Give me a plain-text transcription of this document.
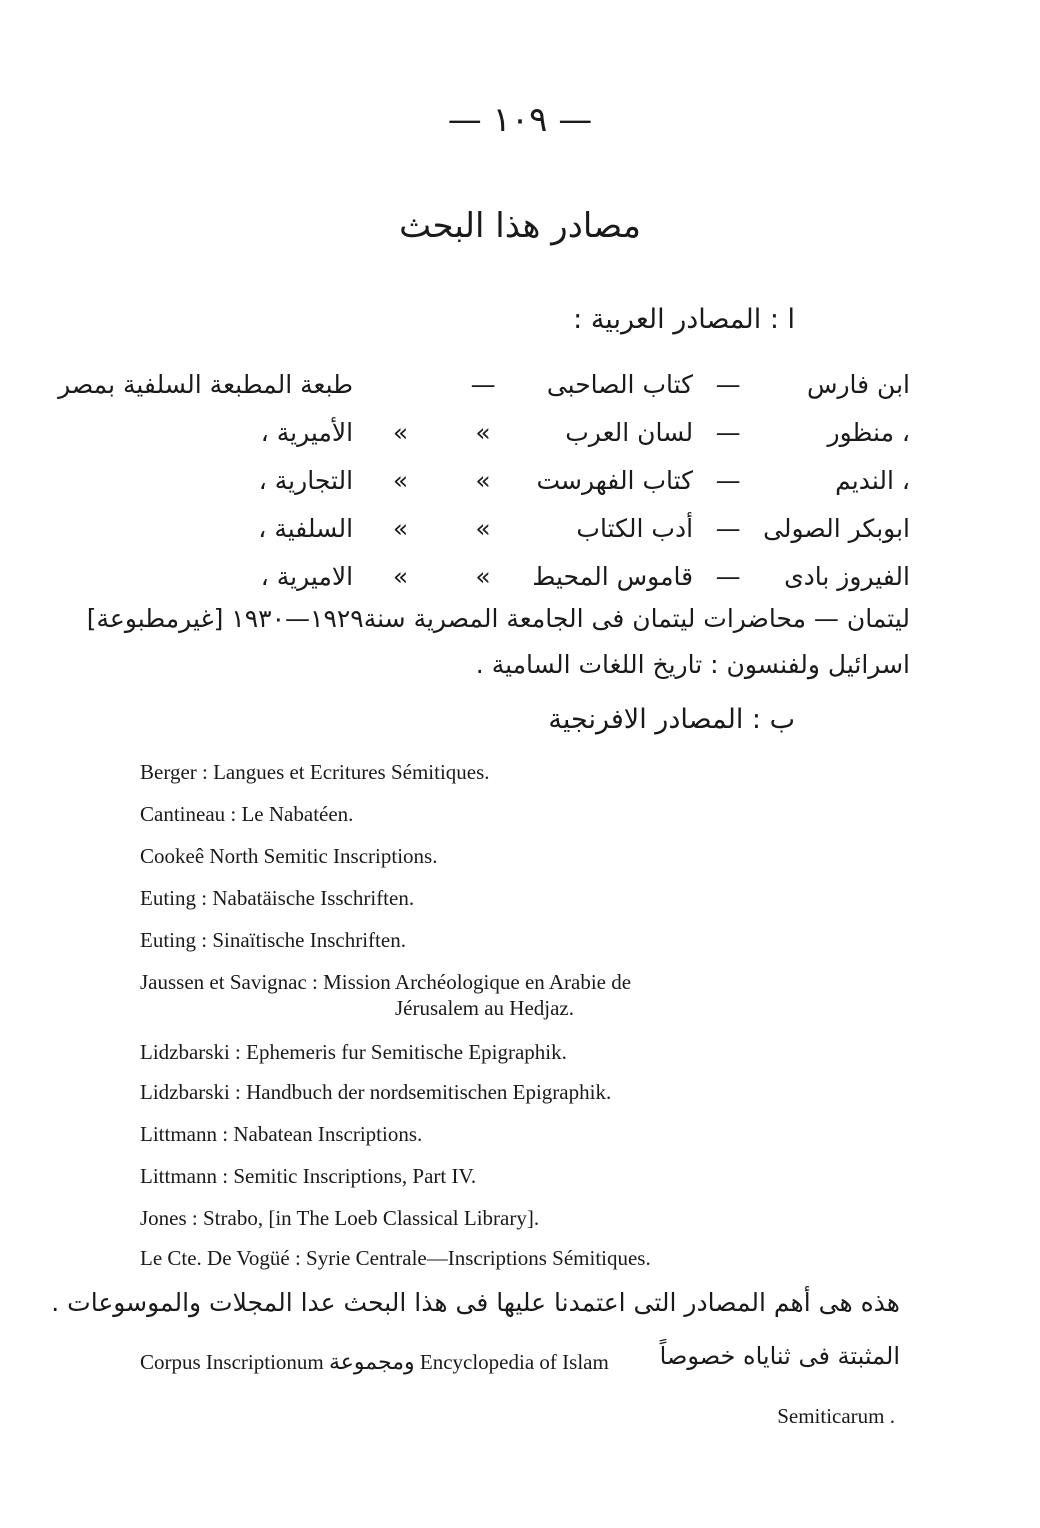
— ١٠٩ —
مصادر هذا البحث
ا : المصادر العربية :
ابن فارس	—	كتاب الصاحبى	—		طبعة المطبعة السلفية بمصر
، منظور	—	لسان العرب	»	»	الأميرية ،
، النديم	—	كتاب الفهرست	»	»	التجارية ،
ابوبكر الصولى	—	أدب الكتاب	»	»	السلفية ،
الفيروز بادى	—	قاموس المحيط	»	»	الاميرية ،
ليتمان — محاضرات ليتمان فى الجامعة المصرية سنة١٩٢٩—١٩٣٠ [غيرمطبوعة]
اسرائيل ولفنسون : تاريخ اللغات السامية .
ب : المصادر الافرنجية
Berger : Langues et Ecritures Sémitiques.
Cantineau : Le Nabatéen.
Cookeê North Semitic Inscriptions.
Euting : Nabatäische Isschriften.
Euting : Sinaïtische Inschriften.
Jaussen et Savignac : Mission Archéologique en Arabie de
Jérusalem au Hedjaz.
Lidzbarski : Ephemeris fur Semitische Epigraphik.
Lidzbarski : Handbuch der nordsemitischen Epigraphik.
Littmann : Nabatean Inscriptions.
Littmann : Semitic Inscriptions, Part IV.
Jones : Strabo, [in The Loeb Classical Library].
Le Cte. De Vogüé : Syrie Centrale—Inscriptions Sémitiques.
هذه هى أهم المصادر التى اعتمدنا عليها فى هذا البحث عدا المجلات والموسوعات .
Corpus Inscriptionum ومجموعة Encyclopedia of Islam المثبتة فى ثناياه خصوصاً
Semiticarum .
